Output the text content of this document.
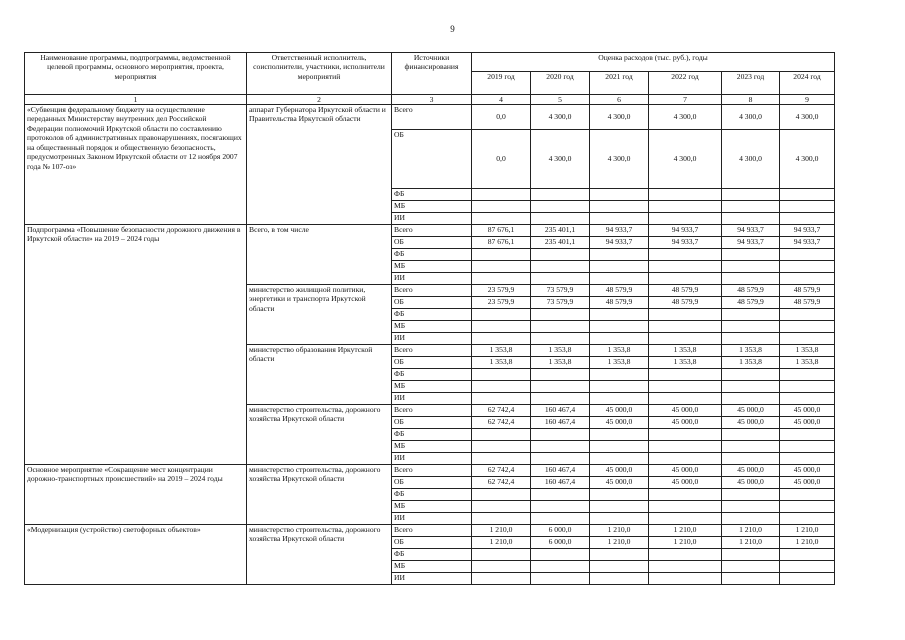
9
Наименование программы, подпрограммы, ведомственной целевой программы, основного мероприятия, проекта, мероприятия	Ответственный исполнитель, соисполнители, участники, исполнители мероприятий	Источники финансирования	Оценка расходов (тыс. руб.), годы					
			2019 год	2020 год	2021 год	2022 год	2023 год	2024 год
1	2	3	4	5	6	7	8	9
«Субвенция федеральному бюджету на осуществление переданных Министерству внутренних дел Российской Федерации полномочий Иркутской области по составлению протоколов об административных правонарушениях, посягающих на общественный порядок и общественную безопасность, предусмотренных Законом Иркутской области от 12 ноября 2007 года № 107-оз»	аппарат Губернатора Иркутской области и Правительства Иркутской области	Всего	0,0	4 300,0	4 300,0	4 300,0	4 300,0	4 300,0
		ОБ	0,0	4 300,0	4 300,0	4 300,0	4 300,0	4 300,0
		ФБ						
		МБ						
		ИИ						
Подпрограмма «Повышение безопасности дорожного движения в Иркутской области» на 2019 – 2024 годы	Всего, в том числе	Всего	87 676,1	235 401,1	94 933,7	94 933,7	94 933,7	94 933,7
		ОБ	87 676,1	235 401,1	94 933,7	94 933,7	94 933,7	94 933,7
		ФБ						
		МБ						
		ИИ						
	министерство жилищной политики, энергетики и транспорта Иркутской области	Всего	23 579,9	73 579,9	48 579,9	48 579,9	48 579,9	48 579,9
		ОБ	23 579,9	73 579,9	48 579,9	48 579,9	48 579,9	48 579,9
		ФБ						
		МБ						
		ИИ						
	министерство образования Иркутской области	Всего	1 353,8	1 353,8	1 353,8	1 353,8	1 353,8	1 353,8
		ОБ	1 353,8	1 353,8	1 353,8	1 353,8	1 353,8	1 353,8
		ФБ						
		МБ						
		ИИ						
	министерство строительства, дорожного хозяйства Иркутской области	Всего	62 742,4	160 467,4	45 000,0	45 000,0	45 000,0	45 000,0
		ОБ	62 742,4	160 467,4	45 000,0	45 000,0	45 000,0	45 000,0
		ФБ						
		МБ						
		ИИ						
Основное мероприятие «Сокращение мест концентрации дорожно-транспортных происшествий» на 2019 – 2024 годы	министерство строительства, дорожного хозяйства Иркутской области	Всего	62 742,4	160 467,4	45 000,0	45 000,0	45 000,0	45 000,0
		ОБ	62 742,4	160 467,4	45 000,0	45 000,0	45 000,0	45 000,0
		ФБ						
		МБ						
		ИИ						
«Модернизация (устройство) светофорных объектов»	министерство строительства, дорожного хозяйства Иркутской области	Всего	1 210,0	6 000,0	1 210,0	1 210,0	1 210,0	1 210,0
		ОБ	1 210,0	6 000,0	1 210,0	1 210,0	1 210,0	1 210,0
		ФБ						
		МБ						
		ИИ						
